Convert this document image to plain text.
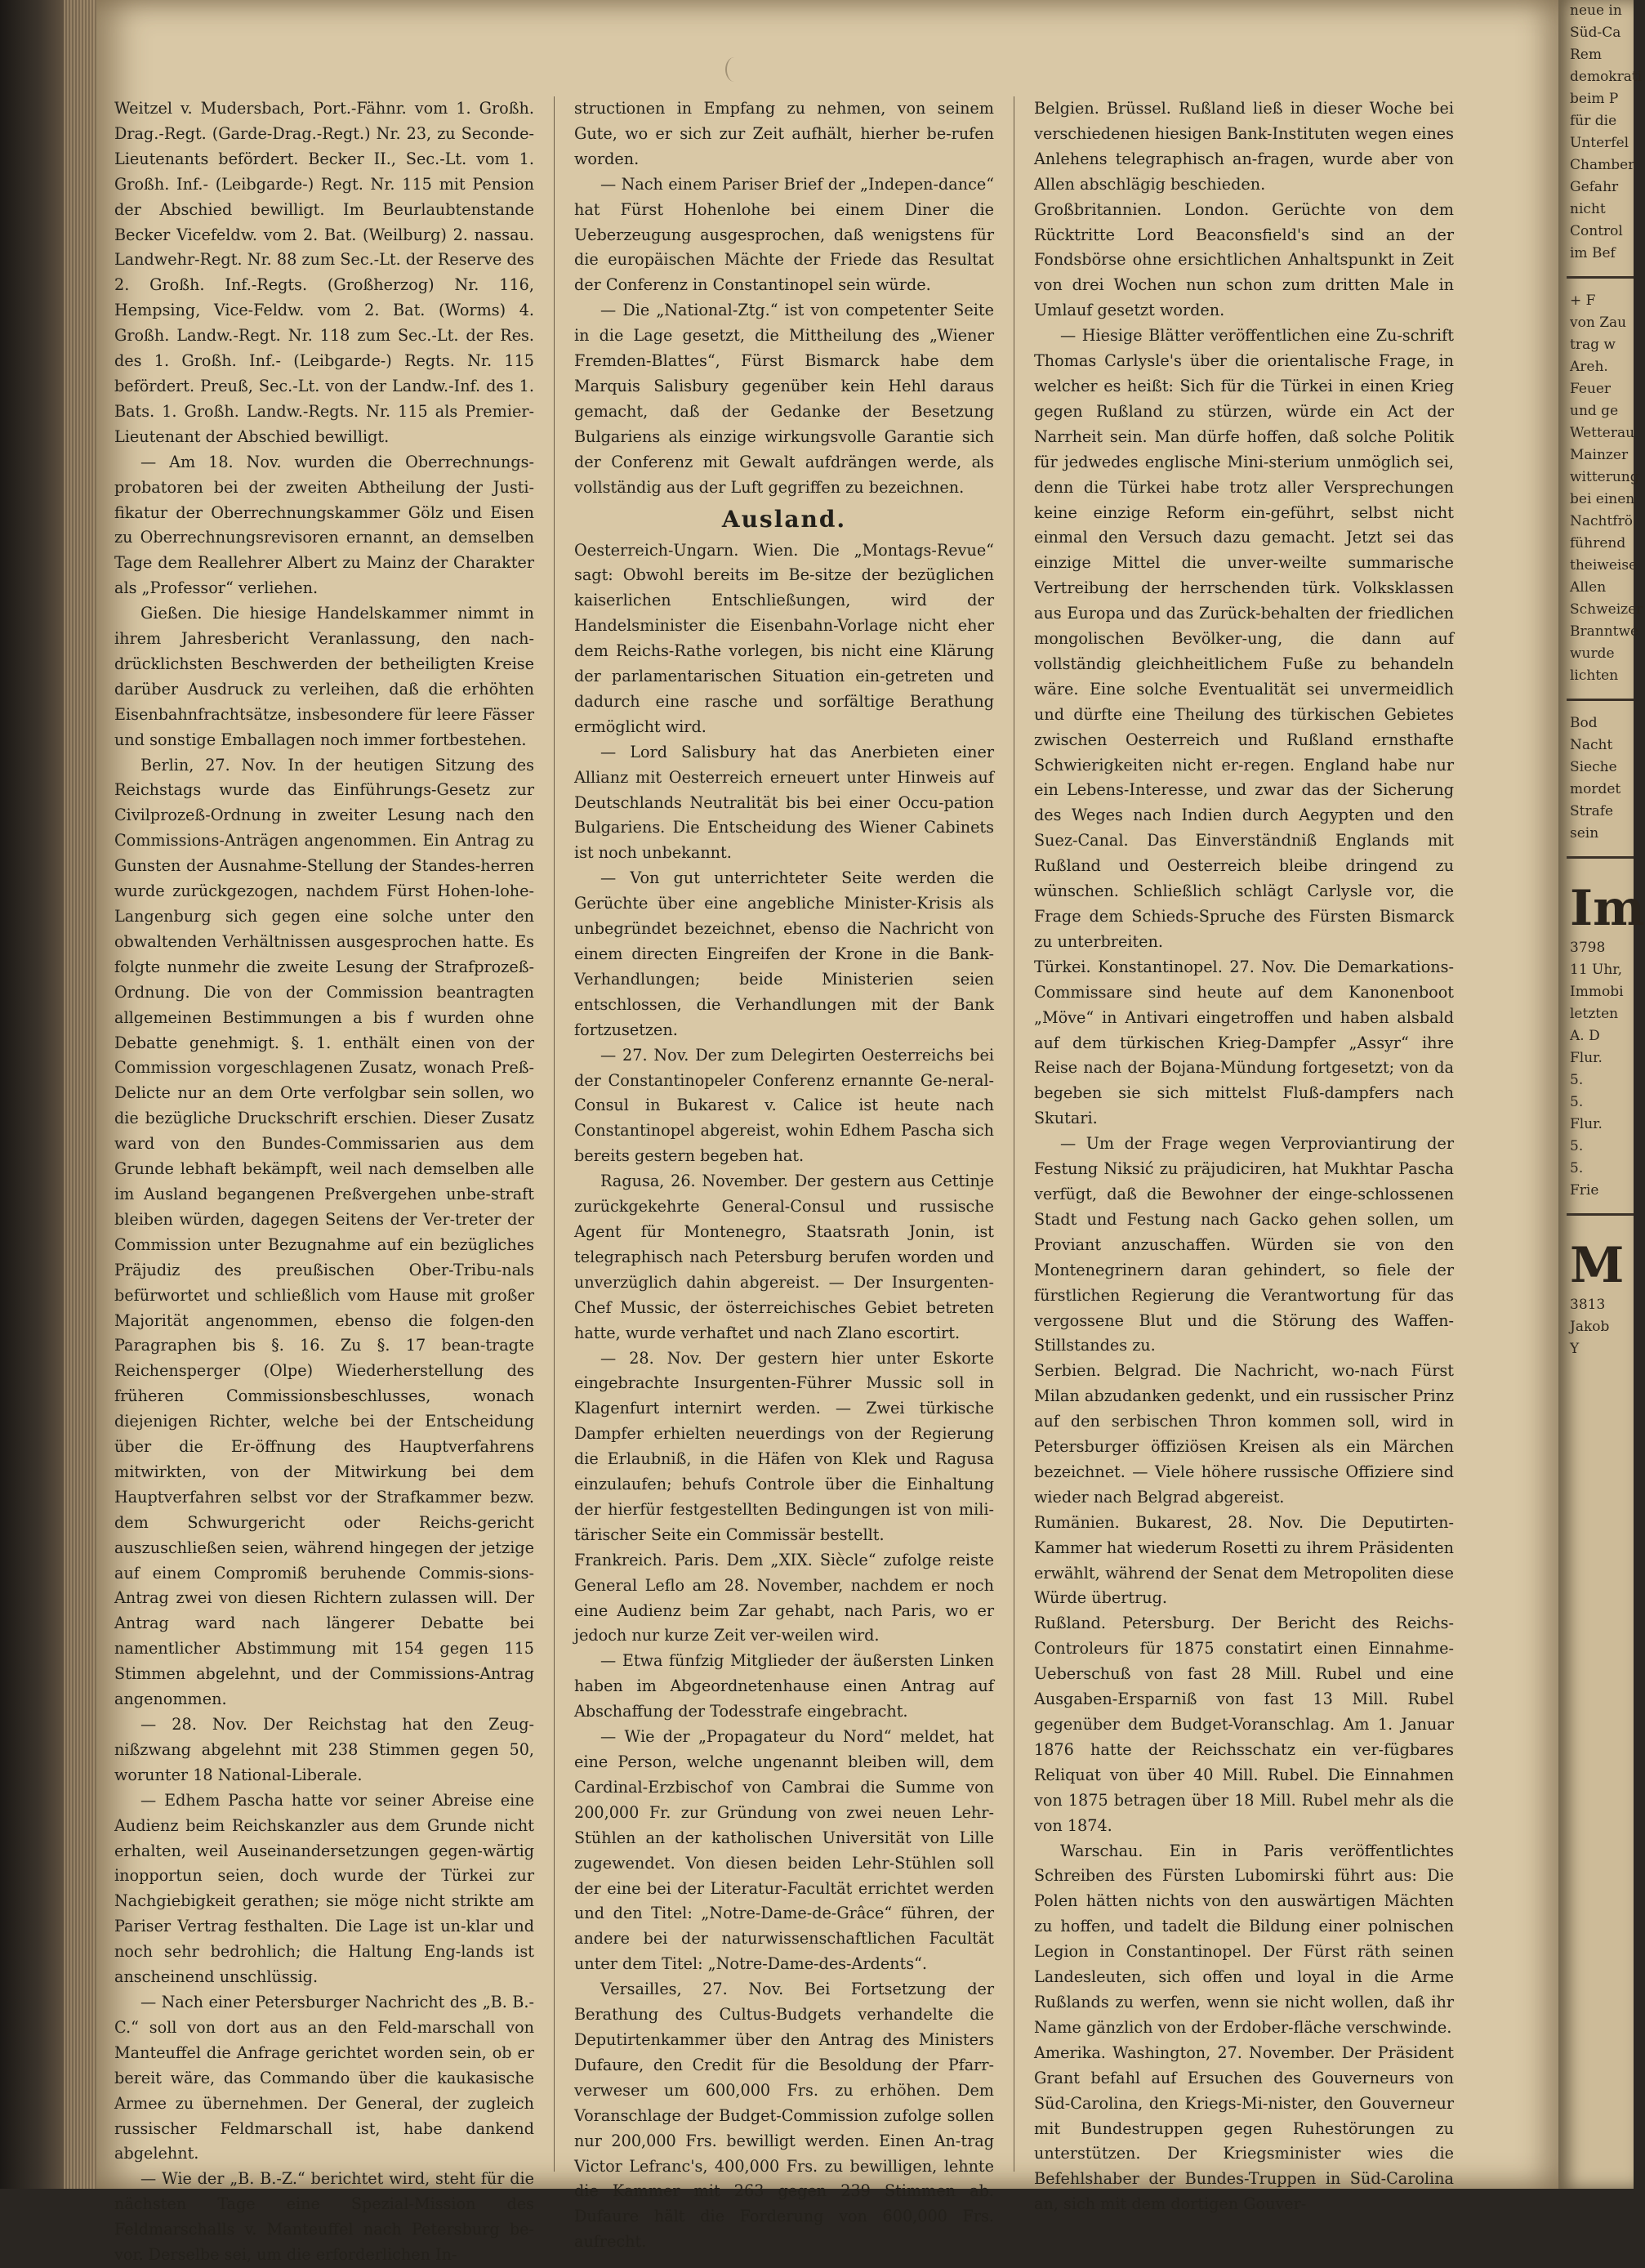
Weitzel v. Mudersbach, Port.-Fähnr. vom 1. Großh. Drag.-Regt. (Garde-Drag.-Regt.) Nr. 23, zu Seconde-Lieutenants befördert. Becker II., Sec.-Lt. vom 1. Großh. Inf.- (Leibgarde-) Regt. Nr. 115 mit Pension der Abschied bewilligt. Im Beurlaubtenstande Becker Vicefeldw. vom 2. Bat. (Weilburg) 2. nassau. Landwehr-Regt. Nr. 88 zum Sec.-Lt. der Reserve des 2. Großh. Inf.-Regts. (Großherzog) Nr. 116, Hempsing, Vice-Feldw. vom 2. Bat. (Worms) 4. Großh. Landw.-Regt. Nr. 118 zum Sec.-Lt. der Res. des 1. Großh. Inf.- (Leibgarde-) Regts. Nr. 115 befördert. Preuß, Sec.-Lt. von der Landw.-Inf. des 1. Bats. 1. Großh. Landw.-Regts. Nr. 115 als Premier-Lieutenant der Abschied bewilligt.

— Am 18. Nov. wurden die Oberrechnungs-probatoren bei der zweiten Abtheilung der Justi-fikatur der Oberrechnungskammer Gölz und Eisen zu Oberrechnungsrevisoren ernannt, an demselben Tage dem Reallehrer Albert zu Mainz der Charakter als „Professor“ verliehen.

Gießen. Die hiesige Handelskammer nimmt in ihrem Jahresbericht Veranlassung, den nach-drücklichsten Beschwerden der betheiligten Kreise darüber Ausdruck zu verleihen, daß die erhöhten Eisenbahnfrachtsätze, insbesondere für leere Fässer und sonstige Emballagen noch immer fortbestehen.

Berlin, 27. Nov. In der heutigen Sitzung des Reichstags wurde das Einführungs-Gesetz zur Civilprozeß-Ordnung in zweiter Lesung nach den Commissions-Anträgen angenommen. Ein Antrag zu Gunsten der Ausnahme-Stellung der Standes-herren wurde zurückgezogen, nachdem Fürst Hohen-lohe-Langenburg sich gegen eine solche unter den obwaltenden Verhältnissen ausgesprochen hatte. Es folgte nunmehr die zweite Lesung der Strafprozeß-Ordnung. Die von der Commission beantragten allgemeinen Bestimmungen a bis f wurden ohne Debatte genehmigt. §. 1. enthält einen von der Commission vorgeschlagenen Zusatz, wonach Preß-Delicte nur an dem Orte verfolgbar sein sollen, wo die bezügliche Druckschrift erschien. Dieser Zusatz ward von den Bundes-Commissarien aus dem Grunde lebhaft bekämpft, weil nach demselben alle im Ausland begangenen Preßvergehen unbe-straft bleiben würden, dagegen Seitens der Ver-treter der Commission unter Bezugnahme auf ein bezügliches Präjudiz des preußischen Ober-Tribu-nals befürwortet und schließlich vom Hause mit großer Majorität angenommen, ebenso die folgen-den Paragraphen bis §. 16. Zu §. 17 bean-tragte Reichensperger (Olpe) Wiederherstellung des früheren Commissionsbeschlusses, wonach diejenigen Richter, welche bei der Entscheidung über die Er-öffnung des Hauptverfahrens mitwirkten, von der Mitwirkung bei dem Hauptverfahren selbst vor der Strafkammer bezw. dem Schwurgericht oder Reichs-gericht auszuschließen seien, während hingegen der jetzige auf einem Compromiß beruhende Commis-sions-Antrag zwei von diesen Richtern zulassen will. Der Antrag ward nach längerer Debatte bei namentlicher Abstimmung mit 154 gegen 115 Stimmen abgelehnt, und der Commissions-Antrag angenommen.

— 28. Nov. Der Reichstag hat den Zeug-nißzwang abgelehnt mit 238 Stimmen gegen 50, worunter 18 National-Liberale.

— Edhem Pascha hatte vor seiner Abreise eine Audienz beim Reichskanzler aus dem Grunde nicht erhalten, weil Auseinandersetzungen gegen-wärtig inopportun seien, doch wurde der Türkei zur Nachgiebigkeit gerathen; sie möge nicht strikte am Pariser Vertrag festhalten. Die Lage ist un-klar und noch sehr bedrohlich; die Haltung Eng-lands ist anscheinend unschlüssig.

— Nach einer Petersburger Nachricht des „B. B.-C.“ soll von dort aus an den Feld-marschall von Manteuffel die Anfrage gerichtet worden sein, ob er bereit wäre, das Commando über die kaukasische Armee zu übernehmen. Der General, der zugleich russischer Feldmarschall ist, habe dankend abgelehnt.

— Wie der „B. B.-Z.“ berichtet wird, steht für die nächsten Tage eine Spezial-Mission des Feldmarschalls v. Manteuffel nach Petersburg be-vor. Derselbe sei, um die erforderlichen In-

structionen in Empfang zu nehmen, von seinem Gute, wo er sich zur Zeit aufhält, hierher be-rufen worden.

— Nach einem Pariser Brief der „Indepen-dance“ hat Fürst Hohenlohe bei einem Diner die Ueberzeugung ausgesprochen, daß wenigstens für die europäischen Mächte der Friede das Resultat der Conferenz in Constantinopel sein würde.

— Die „National-Ztg.“ ist von competenter Seite in die Lage gesetzt, die Mittheilung des „Wiener Fremden-Blattes“, Fürst Bismarck habe dem Marquis Salisbury gegenüber kein Hehl daraus gemacht, daß der Gedanke der Besetzung Bulgariens als einzige wirkungsvolle Garantie sich der Conferenz mit Gewalt aufdrängen werde, als vollständig aus der Luft gegriffen zu bezeichnen.

Ausland.

Oesterreich-Ungarn. Wien. Die „Montags-Revue“ sagt: Obwohl bereits im Be-sitze der bezüglichen kaiserlichen Entschließungen, wird der Handelsminister die Eisenbahn-Vorlage nicht eher dem Reichs-Rathe vorlegen, bis nicht eine Klärung der parlamentarischen Situation ein-getreten und dadurch eine rasche und sorfältige Berathung ermöglicht wird.

— Lord Salisbury hat das Anerbieten einer Allianz mit Oesterreich erneuert unter Hinweis auf Deutschlands Neutralität bis bei einer Occu-pation Bulgariens. Die Entscheidung des Wiener Cabinets ist noch unbekannt.

— Von gut unterrichteter Seite werden die Gerüchte über eine angebliche Minister-Krisis als unbegründet bezeichnet, ebenso die Nachricht von einem directen Eingreifen der Krone in die Bank-Verhandlungen; beide Ministerien seien entschlossen, die Verhandlungen mit der Bank fortzusetzen.

— 27. Nov. Der zum Delegirten Oesterreichs bei der Constantinopeler Conferenz ernannte Ge-neral-Consul in Bukarest v. Calice ist heute nach Constantinopel abgereist, wohin Edhem Pascha sich bereits gestern begeben hat.

Ragusa, 26. November. Der gestern aus Cettinje zurückgekehrte General-Consul und russische Agent für Montenegro, Staatsrath Jonin, ist telegraphisch nach Petersburg berufen worden und unverzüglich dahin abgereist. — Der Insurgenten-Chef Mussic, der österreichisches Gebiet betreten hatte, wurde verhaftet und nach Zlano escortirt.

— 28. Nov. Der gestern hier unter Eskorte eingebrachte Insurgenten-Führer Mussic soll in Klagenfurt internirt werden. — Zwei türkische Dampfer erhielten neuerdings von der Regierung die Erlaubniß, in die Häfen von Klek und Ragusa einzulaufen; behufs Controle über die Einhaltung der hierfür festgestellten Bedingungen ist von mili-tärischer Seite ein Commissär bestellt.

Frankreich. Paris. Dem „XIX. Siècle“ zufolge reiste General Leflo am 28. November, nachdem er noch eine Audienz beim Zar gehabt, nach Paris, wo er jedoch nur kurze Zeit ver-weilen wird.

— Etwa fünfzig Mitglieder der äußersten Linken haben im Abgeordnetenhause einen Antrag auf Abschaffung der Todesstrafe eingebracht.

— Wie der „Propagateur du Nord“ meldet, hat eine Person, welche ungenannt bleiben will, dem Cardinal-Erzbischof von Cambrai die Summe von 200,000 Fr. zur Gründung von zwei neuen Lehr-Stühlen an der katholischen Universität von Lille zugewendet. Von diesen beiden Lehr-Stühlen soll der eine bei der Literatur-Facultät errichtet werden und den Titel: „Notre-Dame-de-Grâce“ führen, der andere bei der naturwissenschaftlichen Facultät unter dem Titel: „Notre-Dame-des-Ardents“.

Versailles, 27. Nov. Bei Fortsetzung der Berathung des Cultus-Budgets verhandelte die Deputirtenkammer über den Antrag des Ministers Dufaure, den Credit für die Besoldung der Pfarr-verweser um 600,000 Frs. zu erhöhen. Dem Voranschlage der Budget-Commission zufolge sollen nur 200,000 Frs. bewilligt werden. Einen An-trag Victor Lefranc's, 400,000 Frs. zu bewilligen, lehnte die Kammer mit 263 gegen 239 Stimmen ab. Dufaure hält die Forderung von 600,000 Frs. aufrecht.

Belgien. Brüssel. Rußland ließ in dieser Woche bei verschiedenen hiesigen Bank-Instituten wegen eines Anlehens telegraphisch an-fragen, wurde aber von Allen abschlägig beschieden.

Großbritannien. London. Gerüchte von dem Rücktritte Lord Beaconsfield's sind an der Fondsbörse ohne ersichtlichen Anhaltspunkt in Zeit von drei Wochen nun schon zum dritten Male in Umlauf gesetzt worden.

— Hiesige Blätter veröffentlichen eine Zu-schrift Thomas Carlysle's über die orientalische Frage, in welcher es heißt: Sich für die Türkei in einen Krieg gegen Rußland zu stürzen, würde ein Act der Narrheit sein. Man dürfe hoffen, daß solche Politik für jedwedes englische Mini-sterium unmöglich sei, denn die Türkei habe trotz aller Versprechungen keine einzige Reform ein-geführt, selbst nicht einmal den Versuch dazu gemacht. Jetzt sei das einzige Mittel die unver-weilte summarische Vertreibung der herrschenden türk. Volksklassen aus Europa und das Zurück-behalten der friedlichen mongolischen Bevölker-ung, die dann auf vollständig gleichheitlichem Fuße zu behandeln wäre. Eine solche Eventualität sei unvermeidlich und dürfte eine Theilung des türkischen Gebietes zwischen Oesterreich und Rußland ernsthafte Schwierigkeiten nicht er-regen. England habe nur ein Lebens-Interesse, und zwar das der Sicherung des Weges nach Indien durch Aegypten und den Suez-Canal. Das Einverständniß Englands mit Rußland und Oesterreich bleibe dringend zu wünschen. Schließlich schlägt Carlysle vor, die Frage dem Schieds-Spruche des Fürsten Bismarck zu unterbreiten.

Türkei. Konstantinopel. 27. Nov. Die Demarkations-Commissare sind heute auf dem Kanonenboot „Möve“ in Antivari eingetroffen und haben alsbald auf dem türkischen Krieg-Dampfer „Assyr“ ihre Reise nach der Bojana-Mündung fortgesetzt; von da begeben sie sich mittelst Fluß-dampfers nach Skutari.

— Um der Frage wegen Verproviantirung der Festung Niksić zu präjudiciren, hat Mukhtar Pascha verfügt, daß die Bewohner der einge-schlossenen Stadt und Festung nach Gacko gehen sollen, um Proviant anzuschaffen. Würden sie von den Montenegrinern daran gehindert, so fiele der fürstlichen Regierung die Verantwortung für das vergossene Blut und die Störung des Waffen-Stillstandes zu.

Serbien. Belgrad. Die Nachricht, wo-nach Fürst Milan abzudanken gedenkt, und ein russischer Prinz auf den serbischen Thron kommen soll, wird in Petersburger öffiziösen Kreisen als ein Märchen bezeichnet. — Viele höhere russische Offiziere sind wieder nach Belgrad abgereist.

Rumänien. Bukarest, 28. Nov. Die Deputirten-Kammer hat wiederum Rosetti zu ihrem Präsidenten erwählt, während der Senat dem Metropoliten diese Würde übertrug.

Rußland. Petersburg. Der Bericht des Reichs-Controleurs für 1875 constatirt einen Einnahme-Ueberschuß von fast 28 Mill. Rubel und eine Ausgaben-Ersparniß von fast 13 Mill. Rubel gegenüber dem Budget-Voranschlag. Am 1. Januar 1876 hatte der Reichsschatz ein ver-fügbares Reliquat von über 40 Mill. Rubel. Die Einnahmen von 1875 betragen über 18 Mill. Rubel mehr als die von 1874.

Warschau. Ein in Paris veröffentlichtes Schreiben des Fürsten Lubomirski führt aus: Die Polen hätten nichts von den auswärtigen Mächten zu hoffen, und tadelt die Bildung einer polnischen Legion in Constantinopel. Der Fürst räth seinen Landesleuten, sich offen und loyal in die Arme Rußlands zu werfen, wenn sie nicht wollen, daß ihr Name gänzlich von der Erdober-fläche verschwinde.

Amerika. Washington, 27. November. Der Präsident Grant befahl auf Ersuchen des Gouverneurs von Süd-Carolina, den Kriegs-Mi-nister, den Gouverneur mit Bundestruppen gegen Ruhestörungen zu unterstützen. Der Kriegsminister wies die Befehlshaber der Bundes-Truppen in Süd-Carolina an, sich mit dem dortigen Gouver-

neue in
Süd-Ca
Rem
demokrati
beim P
für die
Unterfel
Chamber
Gefahr
nicht
Control
im Bef
+ F
von Zau
trag w
Areh.
Feuer
und ge
Wetterau
Mainzer
witterung
bei einen
Nachtfrö
führend
theiweise
Allen
Schweizer
Branntwe
wurde
lichten
Bod
Nacht
Sieche
mordet
Strafe
sein
Im
3798
11 Uhr,
Immobi
letzten
A. D
Flur.
5.
5.
Flur.
5.
5.
Frie
M
3813
Jakob
Y
